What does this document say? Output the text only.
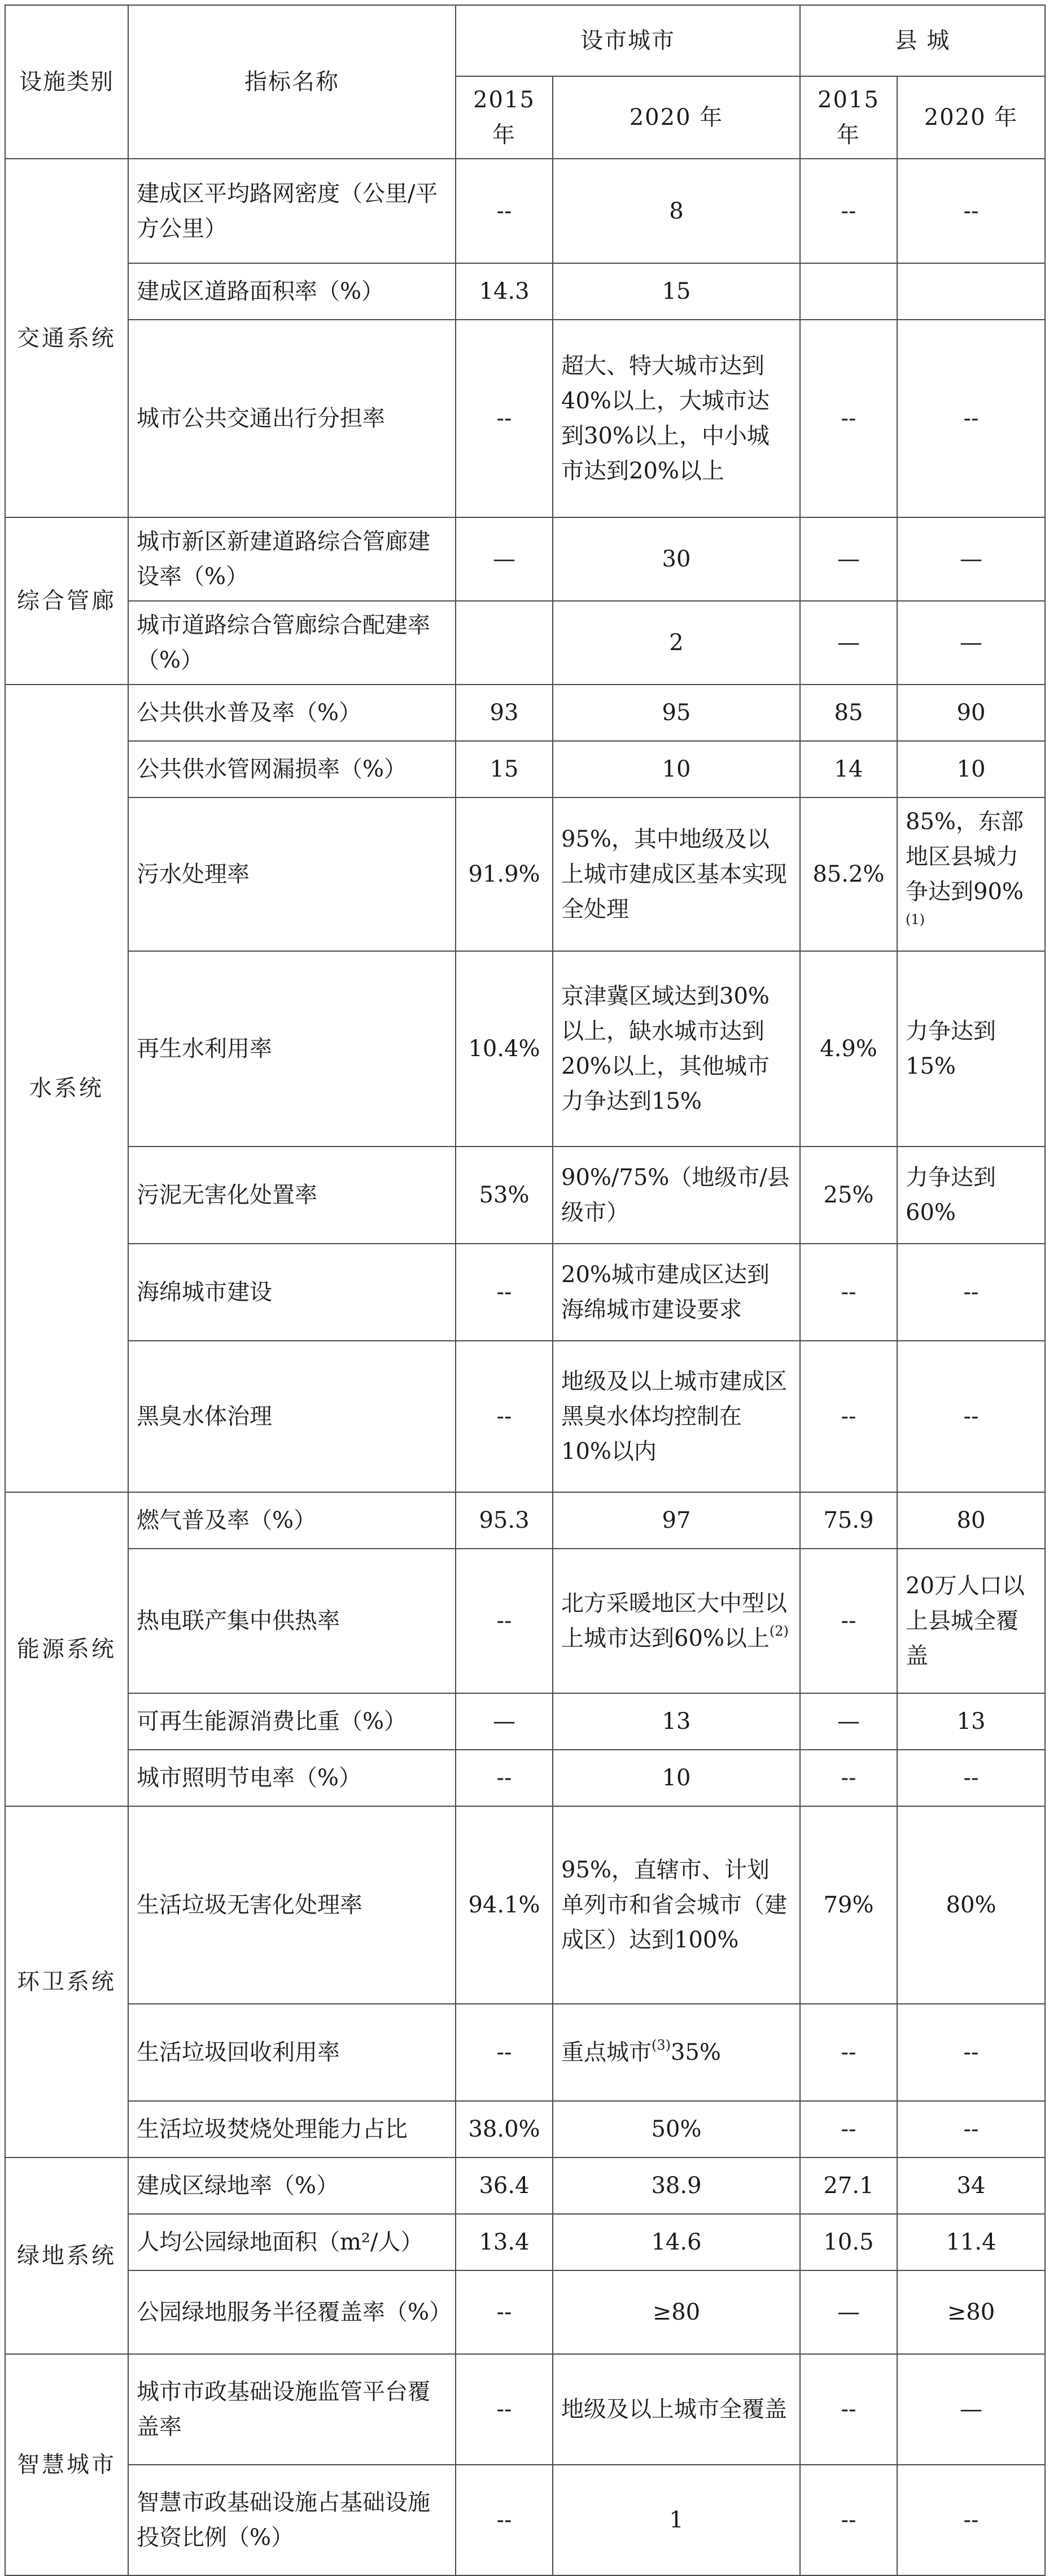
设施类别	指标名称	设市城市		县 城	
		2015 年	2020 年	2015 年	2020 年
交通系统	建成区平均路网密度（公里/平方公里）	--	8	--	--
	建成区道路面积率（%）	14.3	15		
	城市公共交通出行分担率	--	超大、特大城市达到40%以上，大城市达到30%以上，中小城市达到20%以上	--	--
综合管廊	城市新区新建道路综合管廊建设率（%）	—	30	—	—
	城市道路综合管廊综合配建率（%）		2	—	—
水系统	公共供水普及率（%）	93	95	85	90
	公共供水管网漏损率（%）	15	10	14	10
	污水处理率	91.9%	95%，其中地级及以上城市建成区基本实现全处理	85.2%	85%，东部地区县城力争达到90%$^{(1)}$
	再生水利用率	10.4%	京津冀区域达到30%以上，缺水城市达到20%以上，其他城市力争达到15%	4.9%	力争达到15%
	污泥无害化处置率	53%	90%/75%（地级市/县级市）	25%	力争达到60%
	海绵城市建设	--	20%城市建成区达到海绵城市建设要求	--	--
	黑臭水体治理	--	地级及以上城市建成区黑臭水体均控制在10%以内	--	--
能源系统	燃气普及率（%）	95.3	97	75.9	80
	热电联产集中供热率	--	北方采暖地区大中型以上城市达到60%以上$^{(2)}$	--	20万人口以上县城全覆盖
	可再生能源消费比重（%）	—	13	—	13
	城市照明节电率（%）	--	10	--	--
环卫系统	生活垃圾无害化处理率	94.1%	95%，直辖市、计划单列市和省会城市（建成区）达到100%	79%	80%
	生活垃圾回收利用率	--	重点城市$^{(3)}$35%	--	--
	生活垃圾焚烧处理能力占比	38.0%	50%	--	--
绿地系统	建成区绿地率（%）	36.4	38.9	27.1	34
	人均公园绿地面积（m²/人）	13.4	14.6	10.5	11.4
	公园绿地服务半径覆盖率（%）	--	≥80	—	≥80
智慧城市	城市市政基础设施监管平台覆盖率	--	地级及以上城市全覆盖	--	—
	智慧市政基础设施占基础设施投资比例（%）	--	1	--	--
